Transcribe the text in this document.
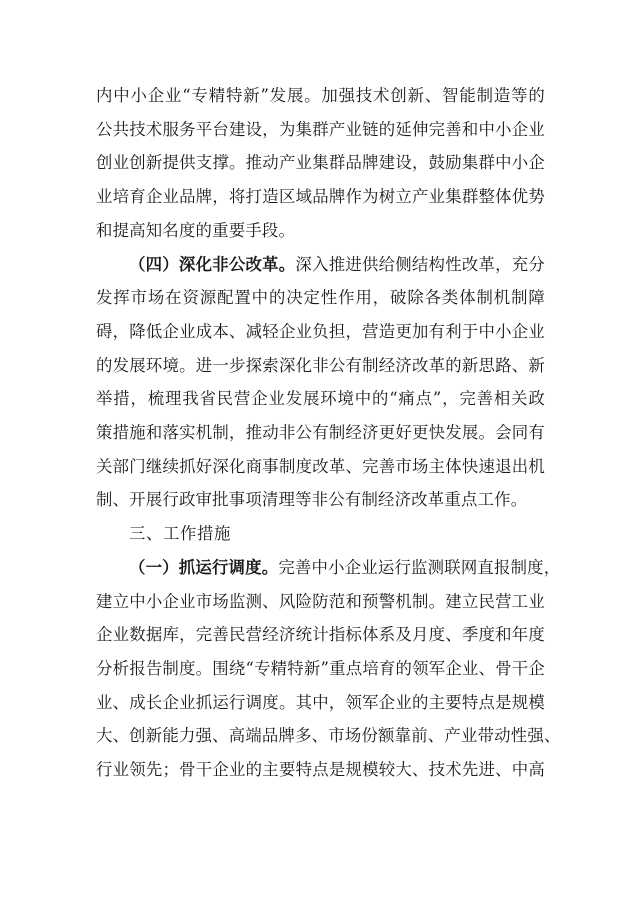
内中小企业“专精特新”发展。加强技术创新、智能制造等的

公共技术服务平台建设，为集群产业链的延伸完善和中小企业

创业创新提供支撑。推动产业集群品牌建设，鼓励集群中小企

业培育企业品牌，将打造区域品牌作为树立产业集群整体优势

和提高知名度的重要手段。

（四）深化非公改革。深入推进供给侧结构性改革，充分

发挥市场在资源配置中的决定性作用，破除各类体制机制障

碍，降低企业成本、减轻企业负担，营造更加有利于中小企业

的发展环境。进一步探索深化非公有制经济改革的新思路、新

举措，梳理我省民营企业发展环境中的“痛点”，完善相关政

策措施和落实机制，推动非公有制经济更好更快发展。会同有

关部门继续抓好深化商事制度改革、完善市场主体快速退出机

制、开展行政审批事项清理等非公有制经济改革重点工作。

三、工作措施

（一）抓运行调度。完善中小企业运行监测联网直报制度，

建立中小企业市场监测、风险防范和预警机制。建立民营工业

企业数据库，完善民营经济统计指标体系及月度、季度和年度

分析报告制度。围绕“专精特新”重点培育的领军企业、骨干企

业、成长企业抓运行调度。其中，领军企业的主要特点是规模

大、创新能力强、高端品牌多、市场份额靠前、产业带动性强、

行业领先；骨干企业的主要特点是规模较大、技术先进、中高
